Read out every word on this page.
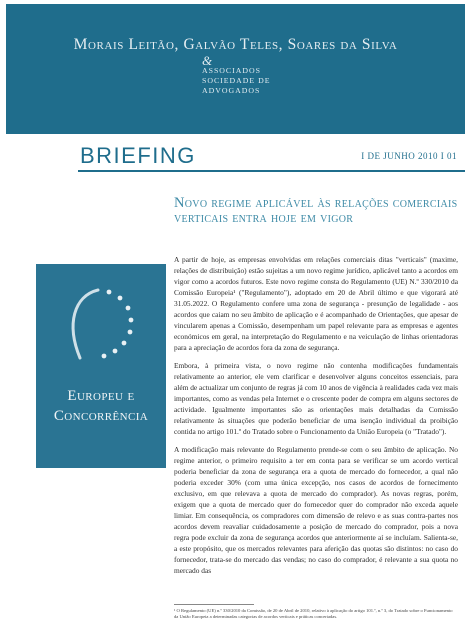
Morais Leitão, Galvão Teles, Soares da Silva
&
ASSOCIADOS
SOCIEDADE DE
ADVOGADOS
BRIEFING	I DE JUNHO 2010 I 01
Novo regime aplicável às relações comerciais verticais entra hoje em vigor
Europeu e
Concorrência

A partir de hoje, as empresas envolvidas em relações comerciais ditas "verticais" (maxime, relações de distribuição) estão sujeitas a um novo regime jurídico, aplicável tanto a acordos em vigor como a acordos futuros. Este novo regime consta do Regulamento (UE) N.º 330/2010 da Comissão Europeia¹ ("Regulamento"), adoptado em 20 de Abril último e que vigorará até 31.05.2022. O Regulamento confere uma zona de segurança - presunção de legalidade - aos acordos que caiam no seu âmbito de aplicação e é acompanhado de Orientações, que apesar de vincularem apenas a Comissão, desempenham um papel relevante para as empresas e agentes económicos em geral, na interpretação do Regulamento e na veiculação de linhas orientadoras para a apreciação de acordos fora da zona de segurança.

Embora, à primeira vista, o novo regime não contenha modificações fundamentais relativamente ao anterior, ele vem clarificar e desenvolver alguns conceitos essenciais, para além de actualizar um conjunto de regras já com 10 anos de vigência à realidades cada vez mais importantes, como as vendas pela Internet e o crescente poder de compra em alguns sectores de actividade. Igualmente importantes são as orientações mais detalhadas da Comissão relativamente às situações que poderão beneficiar de uma isenção individual da proibição contida no artigo 101.º do Tratado sobre o Funcionamento da União Europeia (o "Tratado").

A modificação mais relevante do Regulamento prende-se com o seu âmbito de aplicação. No regime anterior, o primeiro requisito a ter em conta para se verificar se um acordo vertical poderia beneficiar da zona de segurança era a quota de mercado do fornecedor, a qual não poderia exceder 30% (com uma única excepção, nos casos de acordos de fornecimento exclusivo, em que relevava a quota de mercado do comprador). As novas regras, porém, exigem que a quota de mercado quer do fornecedor quer do comprador não exceda aquele limiar. Em consequência, os compradores com dimensão de relevo e as suas contra-partes nos acordos devem reavaliar cuidadosamente a posição de mercado do comprador, pois a nova regra pode excluir da zona de segurança acordos que anteriormente aí se incluíam. Salienta-se, a este propósito, que os mercados relevantes para aferição das quotas são distintos: no caso do fornecedor, trata-se do mercado das vendas; no caso do comprador, é relevante a sua quota no mercado das

¹ O Regulamento (UE) n.º 330/2010 da Comissão, de 20 de Abril de 2010, relativo à aplicação do artigo 101.º, n.º 3, do Tratado sobre o Funcionamento da União Europeia a determinadas categorias de acordos verticais e práticas concertadas.
